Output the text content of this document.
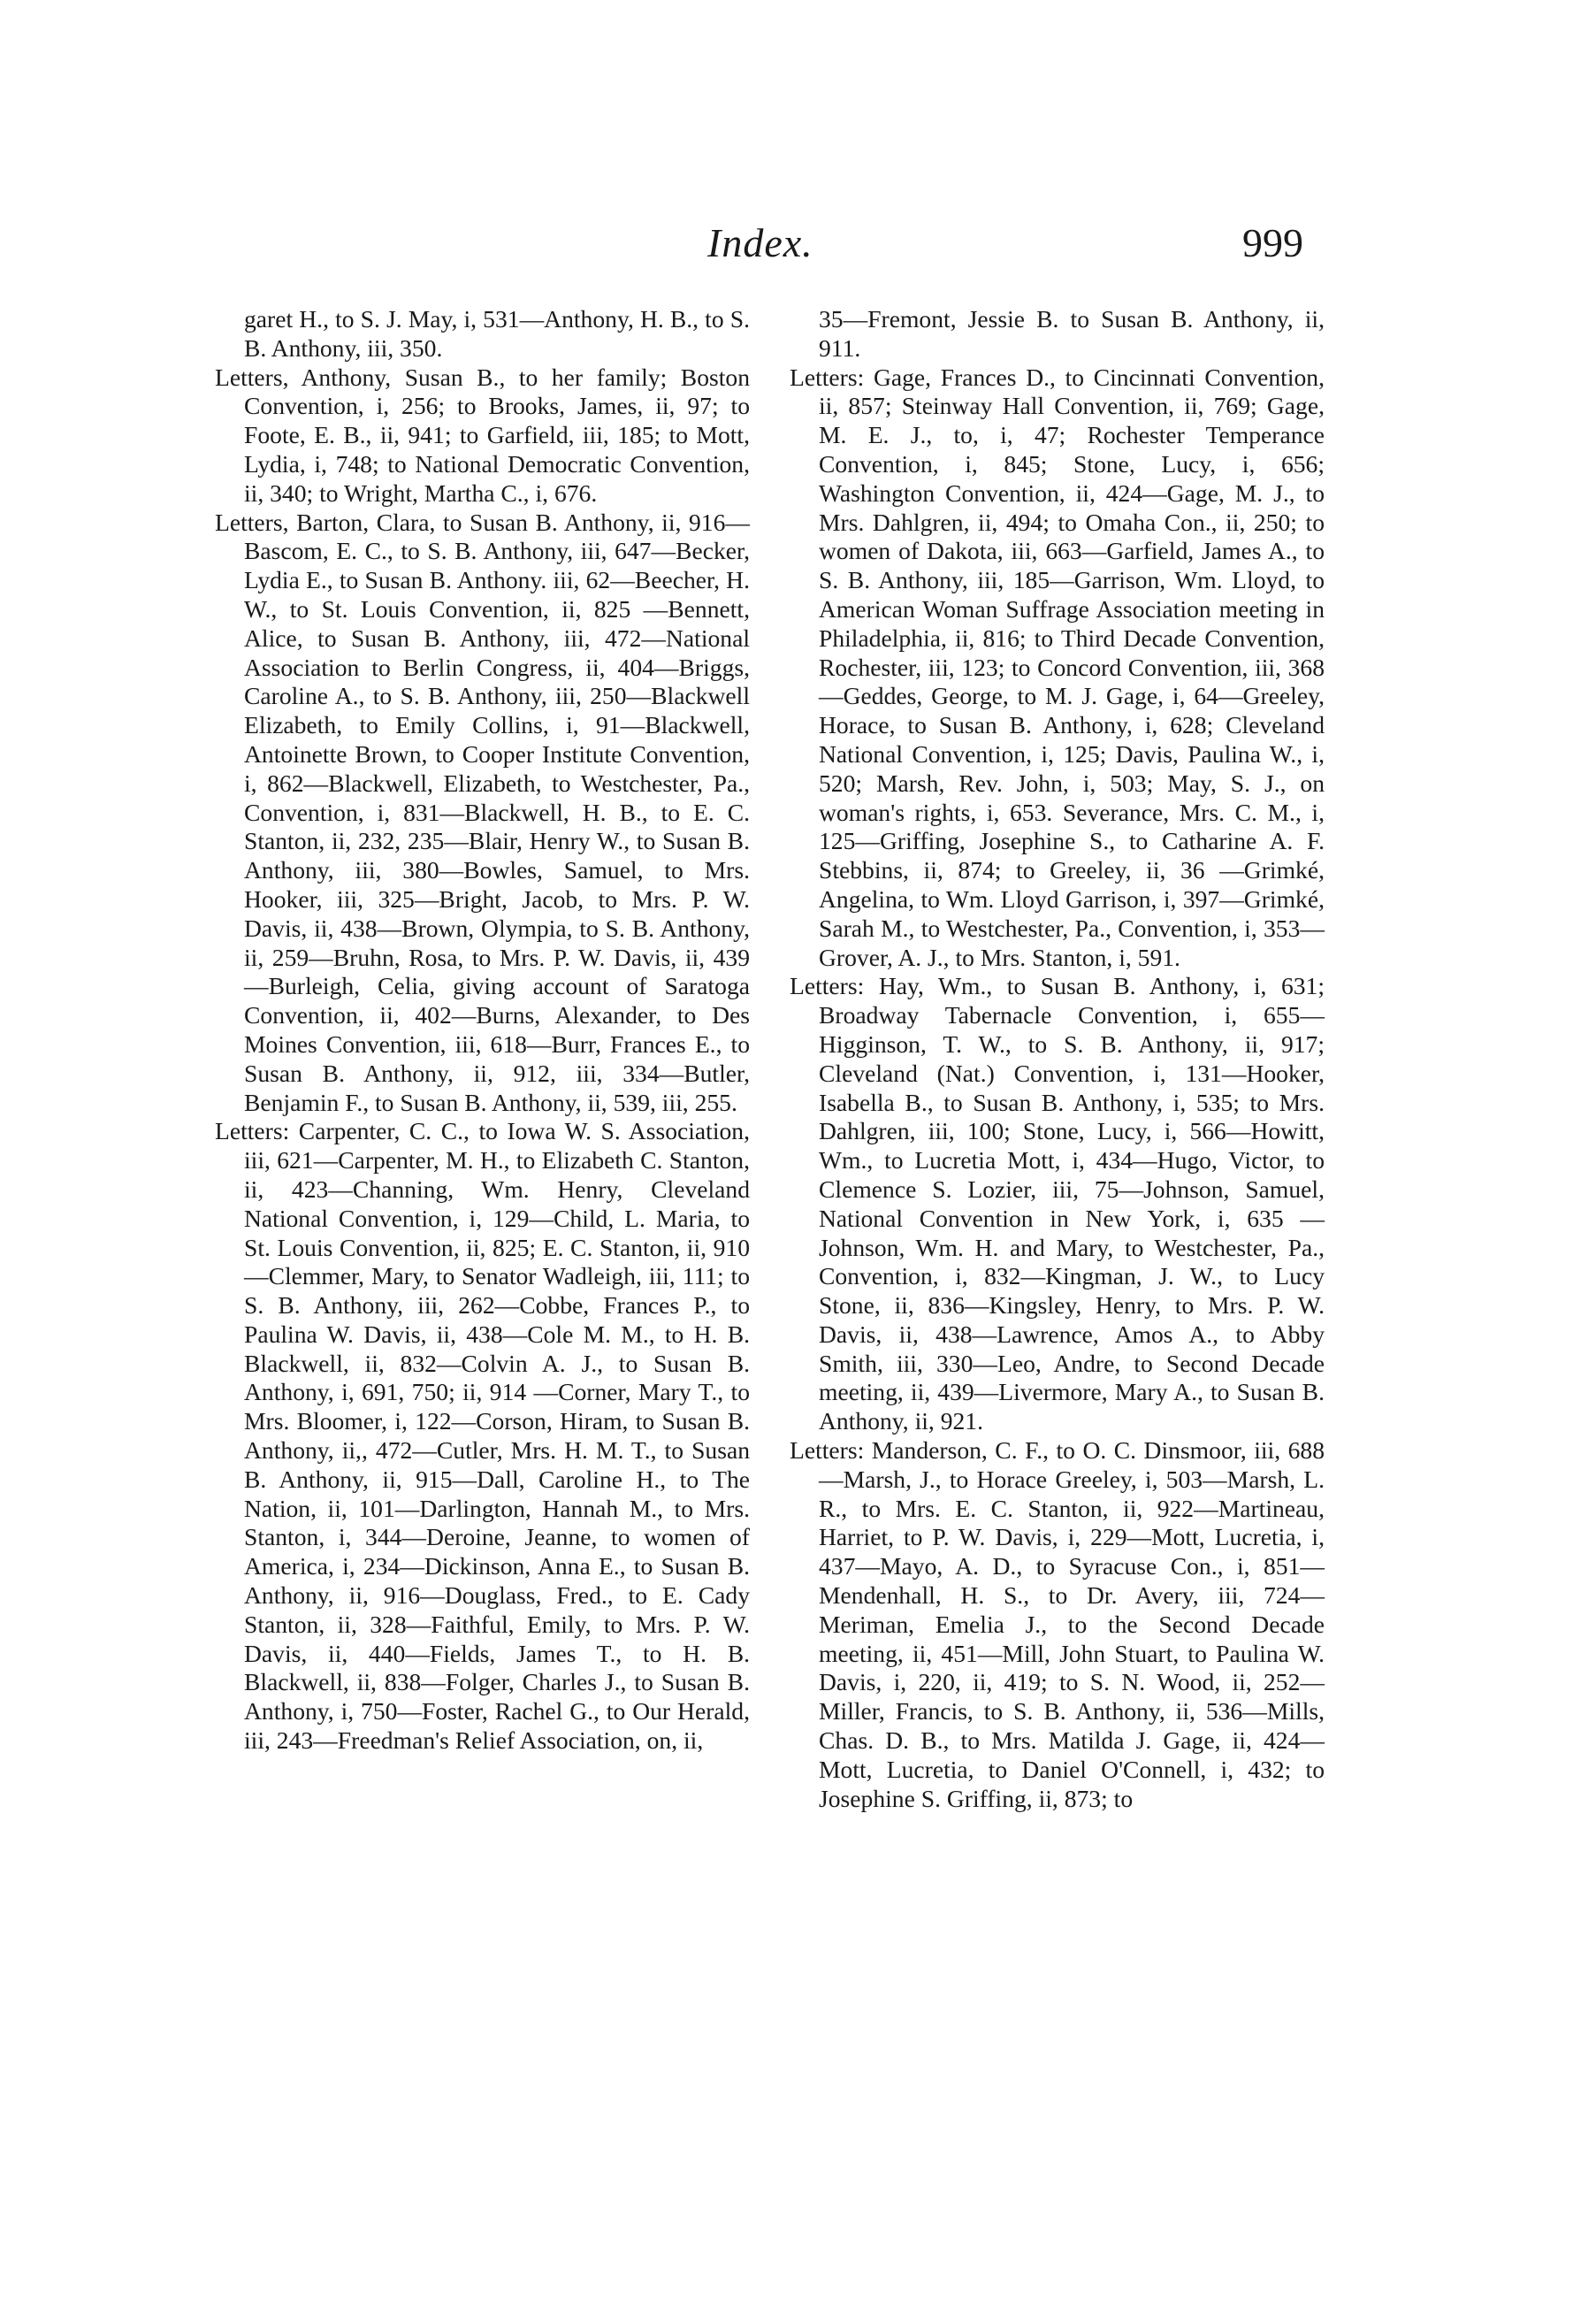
Index.	999

garet H., to S. J. May, i, 531—Anthony, H. B., to S. B. Anthony, iii, 350.

Letters, Anthony, Susan B., to her family; Boston Convention, i, 256; to Brooks, James, ii, 97; to Foote, E. B., ii, 941; to Garfield, iii, 185; to Mott, Lydia, i, 748; to National Democratic Convention, ii, 340; to Wright, Martha C., i, 676.

Letters, Barton, Clara, to Susan B. Anthony, ii, 916—Bascom, E. C., to S. B. Anthony, iii, 647—Becker, Lydia E., to Susan B. Anthony. iii, 62—Beecher, H. W., to St. Louis Convention, ii, 825 —Bennett, Alice, to Susan B. Anthony, iii, 472—National Association to Berlin Congress, ii, 404—Briggs, Caroline A., to S. B. Anthony, iii, 250—Blackwell Elizabeth, to Emily Collins, i, 91—Blackwell, Antoinette Brown, to Cooper Institute Convention, i, 862—Blackwell, Elizabeth, to Westchester, Pa., Convention, i, 831—Blackwell, H. B., to E. C. Stanton, ii, 232, 235—Blair, Henry W., to Susan B. Anthony, iii, 380—Bowles, Samuel, to Mrs. Hooker, iii, 325—Bright, Jacob, to Mrs. P. W. Davis, ii, 438—Brown, Olympia, to S. B. Anthony, ii, 259—Bruhn, Rosa, to Mrs. P. W. Davis, ii, 439—Burleigh, Celia, giving account of Saratoga Convention, ii, 402—Burns, Alexander, to Des Moines Convention, iii, 618—Burr, Frances E., to Susan B. Anthony, ii, 912, iii, 334—Butler, Benjamin F., to Susan B. Anthony, ii, 539, iii, 255.

Letters: Carpenter, C. C., to Iowa W. S. Association, iii, 621—Carpenter, M. H., to Elizabeth C. Stanton, ii, 423—Channing, Wm. Henry, Cleveland National Convention, i, 129—Child, L. Maria, to St. Louis Convention, ii, 825; E. C. Stanton, ii, 910—Clemmer, Mary, to Senator Wadleigh, iii, 111; to S. B. Anthony, iii, 262—Cobbe, Frances P., to Paulina W. Davis, ii, 438—Cole M. M., to H. B. Blackwell, ii, 832—Colvin A. J., to Susan B. Anthony, i, 691, 750; ii, 914 —Corner, Mary T., to Mrs. Bloomer, i, 122—Corson, Hiram, to Susan B. Anthony, ii,, 472—Cutler, Mrs. H. M. T., to Susan B. Anthony, ii, 915—Dall, Caroline H., to The Nation, ii, 101—Darlington, Hannah M., to Mrs. Stanton, i, 344—Deroine, Jeanne, to women of America, i, 234—Dickinson, Anna E., to Susan B. Anthony, ii, 916—Douglass, Fred., to E. Cady Stanton, ii, 328—Faithful, Emily, to Mrs. P. W. Davis, ii, 440—Fields, James T., to H. B. Blackwell, ii, 838—Folger, Charles J., to Susan B. Anthony, i, 750—Foster, Rachel G., to Our Herald, iii, 243—Freedman's Relief Association, on, ii,

35—Fremont, Jessie B. to Susan B. Anthony, ii, 911.

Letters: Gage, Frances D., to Cincinnati Convention, ii, 857; Steinway Hall Convention, ii, 769; Gage, M. E. J., to, i, 47; Rochester Temperance Convention, i, 845; Stone, Lucy, i, 656; Washington Convention, ii, 424—Gage, M. J., to Mrs. Dahlgren, ii, 494; to Omaha Con., ii, 250; to women of Dakota, iii, 663—Garfield, James A., to S. B. Anthony, iii, 185—Garrison, Wm. Lloyd, to American Woman Suffrage Association meeting in Philadelphia, ii, 816; to Third Decade Convention, Rochester, iii, 123; to Concord Convention, iii, 368 —Geddes, George, to M. J. Gage, i, 64—Greeley, Horace, to Susan B. Anthony, i, 628; Cleveland National Convention, i, 125; Davis, Paulina W., i, 520; Marsh, Rev. John, i, 503; May, S. J., on woman's rights, i, 653. Severance, Mrs. C. M., i, 125—Griffing, Josephine S., to Catharine A. F. Stebbins, ii, 874; to Greeley, ii, 36 —Grimké, Angelina, to Wm. Lloyd Garrison, i, 397—Grimké, Sarah M., to Westchester, Pa., Convention, i, 353—Grover, A. J., to Mrs. Stanton, i, 591.

Letters: Hay, Wm., to Susan B. Anthony, i, 631; Broadway Tabernacle Convention, i, 655—Higginson, T. W., to S. B. Anthony, ii, 917; Cleveland (Nat.) Convention, i, 131—Hooker, Isabella B., to Susan B. Anthony, i, 535; to Mrs. Dahlgren, iii, 100; Stone, Lucy, i, 566—Howitt, Wm., to Lucretia Mott, i, 434—Hugo, Victor, to Clemence S. Lozier, iii, 75—Johnson, Samuel, National Convention in New York, i, 635 —Johnson, Wm. H. and Mary, to Westchester, Pa., Convention, i, 832—Kingman, J. W., to Lucy Stone, ii, 836—Kingsley, Henry, to Mrs. P. W. Davis, ii, 438—Lawrence, Amos A., to Abby Smith, iii, 330—Leo, Andre, to Second Decade meeting, ii, 439—Livermore, Mary A., to Susan B. Anthony, ii, 921.

Letters: Manderson, C. F., to O. C. Dinsmoor, iii, 688—Marsh, J., to Horace Greeley, i, 503—Marsh, L. R., to Mrs. E. C. Stanton, ii, 922—Martineau, Harriet, to P. W. Davis, i, 229—Mott, Lucretia, i, 437—Mayo, A. D., to Syracuse Con., i, 851—Mendenhall, H. S., to Dr. Avery, iii, 724—Meriman, Emelia J., to the Second Decade meeting, ii, 451—Mill, John Stuart, to Paulina W. Davis, i, 220, ii, 419; to S. N. Wood, ii, 252—Miller, Francis, to S. B. Anthony, ii, 536—Mills, Chas. D. B., to Mrs. Matilda J. Gage, ii, 424—Mott, Lucretia, to Daniel O'Connell, i, 432; to Josephine S. Griffing, ii, 873; to
